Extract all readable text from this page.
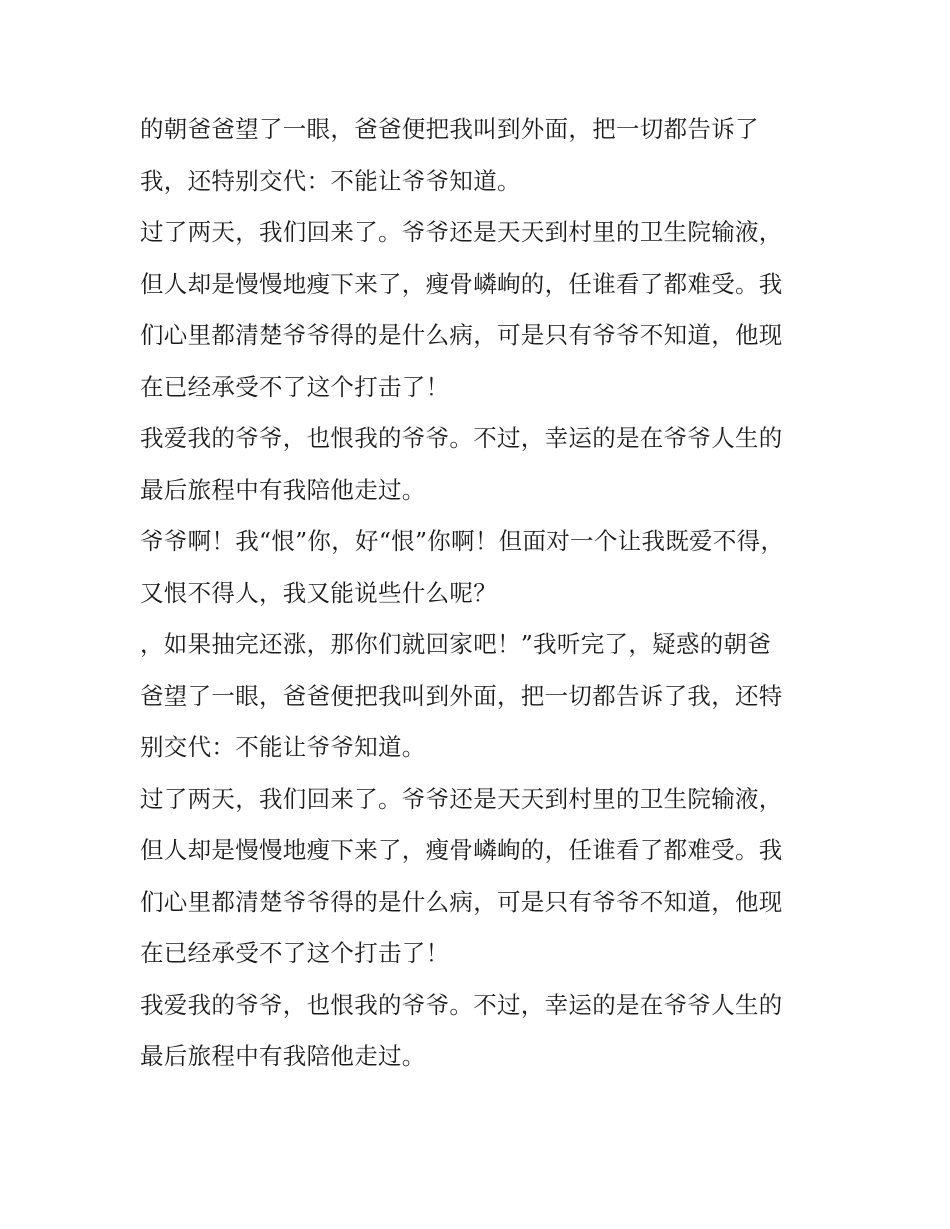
的朝爸爸望了一眼，爸爸便把我叫到外面，把一切都告诉了
我，还特别交代：不能让爷爷知道。
过了两天，我们回来了。爷爷还是天天到村里的卫生院输液，
但人却是慢慢地瘦下来了，瘦骨嶙峋的，任谁看了都难受。我
们心里都清楚爷爷得的是什么病，可是只有爷爷不知道，他现
在已经承受不了这个打击了！
我爱我的爷爷，也恨我的爷爷。不过，幸运的是在爷爷人生的
最后旅程中有我陪他走过。
爷爷啊！我“恨”你，好“恨”你啊！但面对一个让我既爱不得，
又恨不得人，我又能说些什么呢？
，如果抽完还涨，那你们就回家吧！”我听完了，疑惑的朝爸
爸望了一眼，爸爸便把我叫到外面，把一切都告诉了我，还特
别交代：不能让爷爷知道。
过了两天，我们回来了。爷爷还是天天到村里的卫生院输液，
但人却是慢慢地瘦下来了，瘦骨嶙峋的，任谁看了都难受。我
们心里都清楚爷爷得的是什么病，可是只有爷爷不知道，他现
在已经承受不了这个打击了！
我爱我的爷爷，也恨我的爷爷。不过，幸运的是在爷爷人生的
最后旅程中有我陪他走过。
